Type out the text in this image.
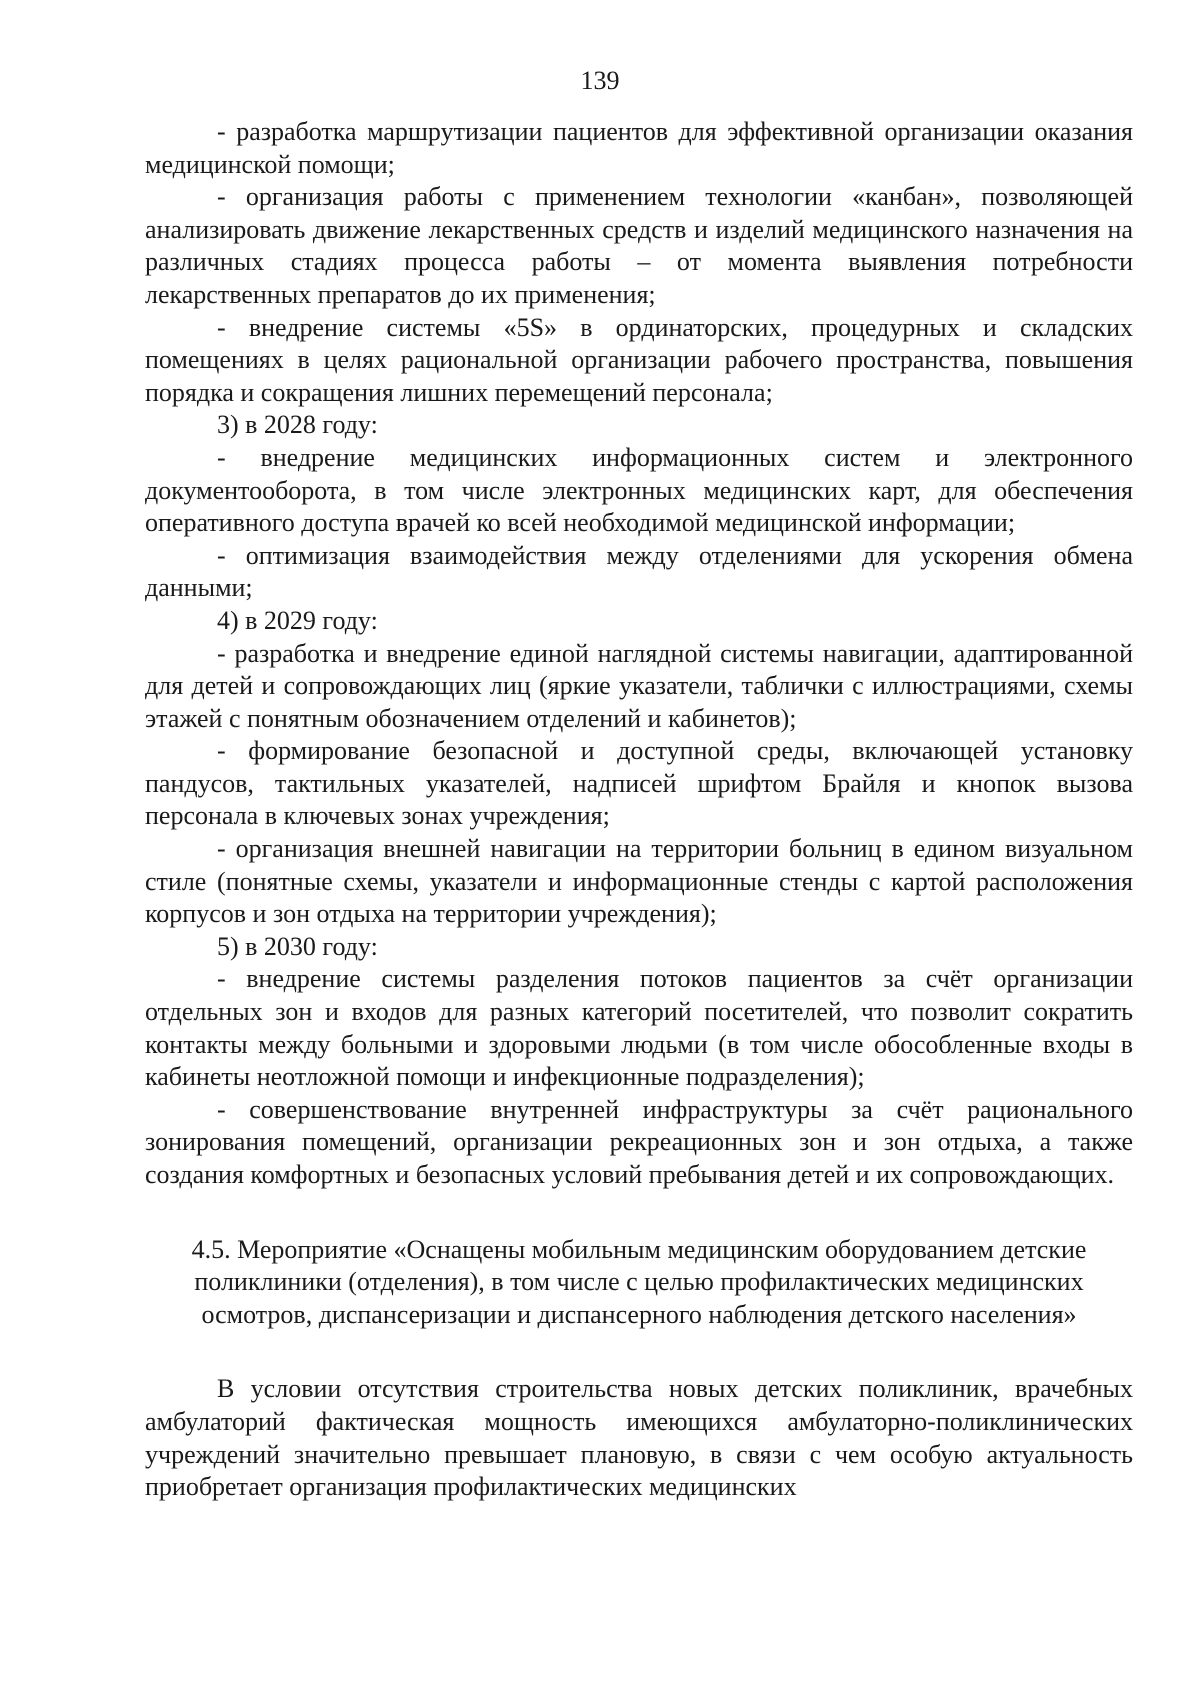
139

- разработка маршрутизации пациентов для эффективной организации оказания медицинской помощи;

- организация работы с применением технологии «канбан», позволяющей анализировать движение лекарственных средств и изделий медицинского назначения на различных стадиях процесса работы – от момента выявления потребности лекарственных препаратов до их применения;

- внедрение системы «5S» в ординаторских, процедурных и складских помещениях в целях рациональной организации рабочего пространства, повышения порядка и сокращения лишних перемещений персонала;

3) в 2028 году:

- внедрение медицинских информационных систем и электронного документооборота, в том числе электронных медицинских карт, для обеспечения оперативного доступа врачей ко всей необходимой медицинской информации;

- оптимизация взаимодействия между отделениями для ускорения обмена данными;

4) в 2029 году:

- разработка и внедрение единой наглядной системы навигации, адаптированной для детей и сопровождающих лиц (яркие указатели, таблички с иллюстрациями, схемы этажей с понятным обозначением отделений и кабинетов);

- формирование безопасной и доступной среды, включающей установку пандусов, тактильных указателей, надписей шрифтом Брайля и кнопок вызова персонала в ключевых зонах учреждения;

- организация внешней навигации на территории больниц в едином визуальном стиле (понятные схемы, указатели и информационные стенды с картой расположения корпусов и зон отдыха на территории учреждения);

5) в 2030 году:

- внедрение системы разделения потоков пациентов за счёт организации отдельных зон и входов для разных категорий посетителей, что позволит сократить контакты между больными и здоровыми людьми (в том числе обособленные входы в кабинеты неотложной помощи и инфекционные подразделения);

- совершенствование внутренней инфраструктуры за счёт рационального зонирования помещений, организации рекреационных зон и зон отдыха, а также создания комфортных и безопасных условий пребывания детей и их сопровождающих.

4.5. Мероприятие «Оснащены мобильным медицинским оборудованием детские поликлиники (отделения), в том числе с целью профилактических медицинских осмотров, диспансеризации и диспансерного наблюдения детского населения»

В условии отсутствия строительства новых детских поликлиник, врачебных амбулаторий фактическая мощность имеющихся амбулаторно-поликлинических учреждений значительно превышает плановую, в связи с чем особую актуальность приобретает организация профилактических медицинских
